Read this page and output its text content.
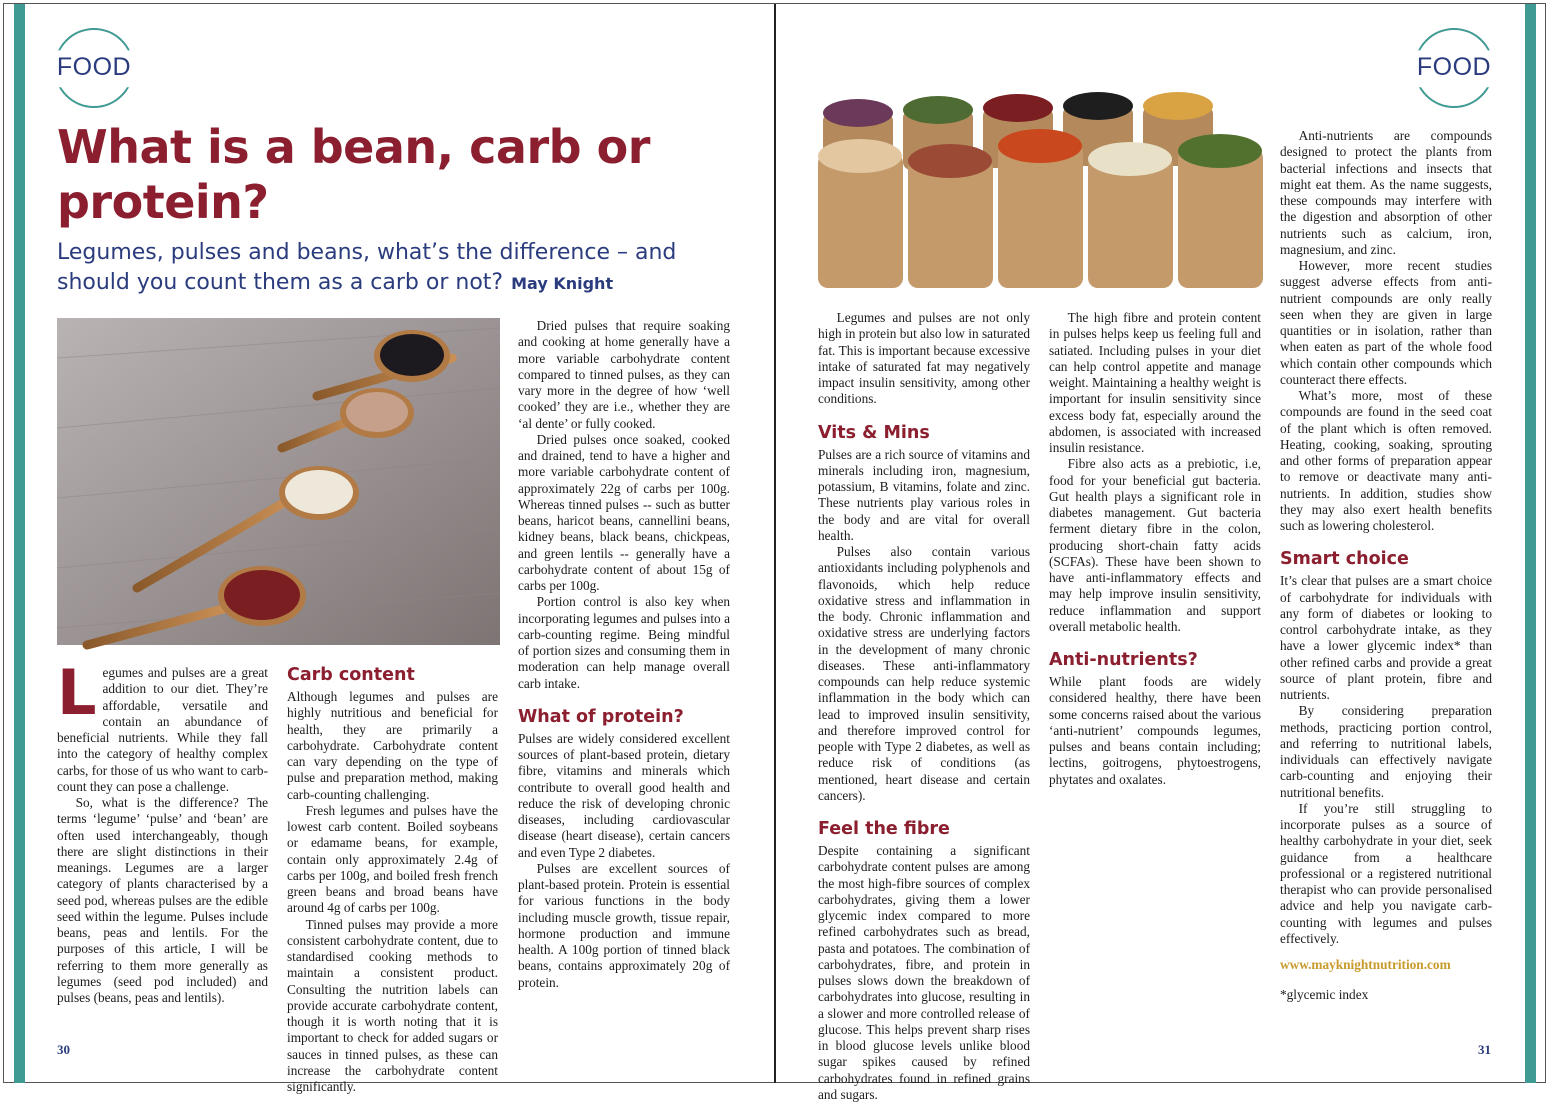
FOOD	FOOD
What is a bean, carb or protein?
Legumes, pulses and beans, what’s the difference – and should you count them as a carb or not? May Knight
L egumes and pulses are a great addition to our diet. They’re affordable, versatile and contain an abundance of beneficial nutrients. While they fall into the category of healthy complex carbs, for those of us who want to carb-count they can pose a challenge.

So, what is the difference? The terms ‘legume’ ‘pulse’ and ‘bean’ are often used interchangeably, though there are slight distinctions in their meanings. Legumes are a larger category of plants characterised by a seed pod, whereas pulses are the edible seed within the legume. Pulses include beans, peas and lentils. For the purposes of this article, I will be referring to them more generally as legumes (seed pod included) and pulses (beans, peas and lentils).

Carb content

Although legumes and pulses are highly nutritious and beneficial for health, they are primarily a carbohydrate. Carbohydrate content can vary depending on the type of pulse and preparation method, making carb-counting challenging.

Fresh legumes and pulses have the lowest carb content. Boiled soybeans or edamame beans, for example, contain only approximately 2.4g of carbs per 100g, and boiled fresh french green beans and broad beans have around 4g of carbs per 100g.

Tinned pulses may provide a more consistent carbohydrate content, due to standardised cooking methods to maintain a consistent product. Consulting the nutrition labels can provide accurate carbohydrate content, though it is worth noting that it is important to check for added sugars or sauces in tinned pulses, as these can increase the carbohydrate content significantly.

Dried pulses that require soaking and cooking at home generally have a more variable carbohydrate content compared to tinned pulses, as they can vary more in the degree of how ‘well cooked’ they are i.e., whether they are ‘al dente’ or fully cooked.

Dried pulses once soaked, cooked and drained, tend to have a higher and more variable carbohydrate content of approximately 22g of carbs per 100g. Whereas tinned pulses -- such as butter beans, haricot beans, cannellini beans, kidney beans, black beans, chickpeas, and green lentils -- generally have a carbohydrate content of about 15g of carbs per 100g.

Portion control is also key when incorporating legumes and pulses into a carb-counting regime. Being mindful of portion sizes and consuming them in moderation can help manage overall carb intake.

What of protein?

Pulses are widely considered excellent sources of plant-based protein, dietary fibre, vitamins and minerals which contribute to overall good health and reduce the risk of developing chronic diseases, including cardiovascular disease (heart disease), certain cancers and even Type 2 diabetes.

Pulses are excellent sources of plant-based protein. Protein is essential for various functions in the body including muscle growth, tissue repair, hormone production and immune health. A 100g portion of tinned black beans, contains approximately 20g of protein.

Legumes and pulses are not only high in protein but also low in saturated fat. This is important because excessive intake of saturated fat may negatively impact insulin sensitivity, among other conditions.

Vits & Mins

Pulses are a rich source of vitamins and minerals including iron, magnesium, potassium, B vitamins, folate and zinc. These nutrients play various roles in the body and are vital for overall health.

Pulses also contain various antioxidants including polyphenols and flavonoids, which help reduce oxidative stress and inflammation in the body. Chronic inflammation and oxidative stress are underlying factors in the development of many chronic diseases. These anti-inflammatory compounds can help reduce systemic inflammation in the body which can lead to improved insulin sensitivity, and therefore improved control for people with Type 2 diabetes, as well as reduce risk of conditions (as mentioned, heart disease and certain cancers).

Feel the fibre

Despite containing a significant carbohydrate content pulses are among the most high-fibre sources of complex carbohydrates, giving them a lower glycemic index compared to more refined carbohydrates such as bread, pasta and potatoes. The combination of carbohydrates, fibre, and protein in pulses slows down the breakdown of carbohydrates into glucose, resulting in a slower and more controlled release of glucose. This helps prevent sharp rises in blood glucose levels unlike blood sugar spikes caused by refined carbohydrates found in refined grains and sugars.

The high fibre and protein content in pulses helps keep us feeling full and satiated. Including pulses in your diet can help control appetite and manage weight. Maintaining a healthy weight is important for insulin sensitivity since excess body fat, especially around the abdomen, is associated with increased insulin resistance.

Fibre also acts as a prebiotic, i.e, food for your beneficial gut bacteria. Gut health plays a significant role in diabetes management. Gut bacteria ferment dietary fibre in the colon, producing short-chain fatty acids (SCFAs). These have been shown to have anti-inflammatory effects and may help improve insulin sensitivity, reduce inflammation and support overall metabolic health.

Anti-nutrients?

While plant foods are widely considered healthy, there have been some concerns raised about the various ‘anti-nutrient’ compounds legumes, pulses and beans contain including; lectins, goitrogens, phytoestrogens, phytates and oxalates.

Anti-nutrients are compounds designed to protect the plants from bacterial infections and insects that might eat them. As the name suggests, these compounds may interfere with the digestion and absorption of other nutrients such as calcium, iron, magnesium, and zinc.

However, more recent studies suggest adverse effects from anti-nutrient compounds are only really seen when they are given in large quantities or in isolation, rather than when eaten as part of the whole food which contain other compounds which counteract there effects.

What’s more, most of these compounds are found in the seed coat of the plant which is often removed. Heating, cooking, soaking, sprouting and other forms of preparation appear to remove or deactivate many anti-nutrients. In addition, studies show they may also exert health benefits such as lowering cholesterol.

Smart choice

It’s clear that pulses are a smart choice of carbohydrate for individuals with any form of diabetes or looking to control carbohydrate intake, as they have a lower glycemic index* than other refined carbs and provide a great source of plant protein, fibre and nutrients.

By considering preparation methods, practicing portion control, and referring to nutritional labels, individuals can effectively navigate carb-counting and enjoying their nutritional benefits.

If you’re still struggling to incorporate pulses as a source of healthy carbohydrate in your diet, seek guidance from a healthcare professional or a registered nutritional therapist who can provide personalised advice and help you navigate carb-counting with legumes and pulses effectively.

www.mayknightnutrition.com
*glycemic index
30	31
